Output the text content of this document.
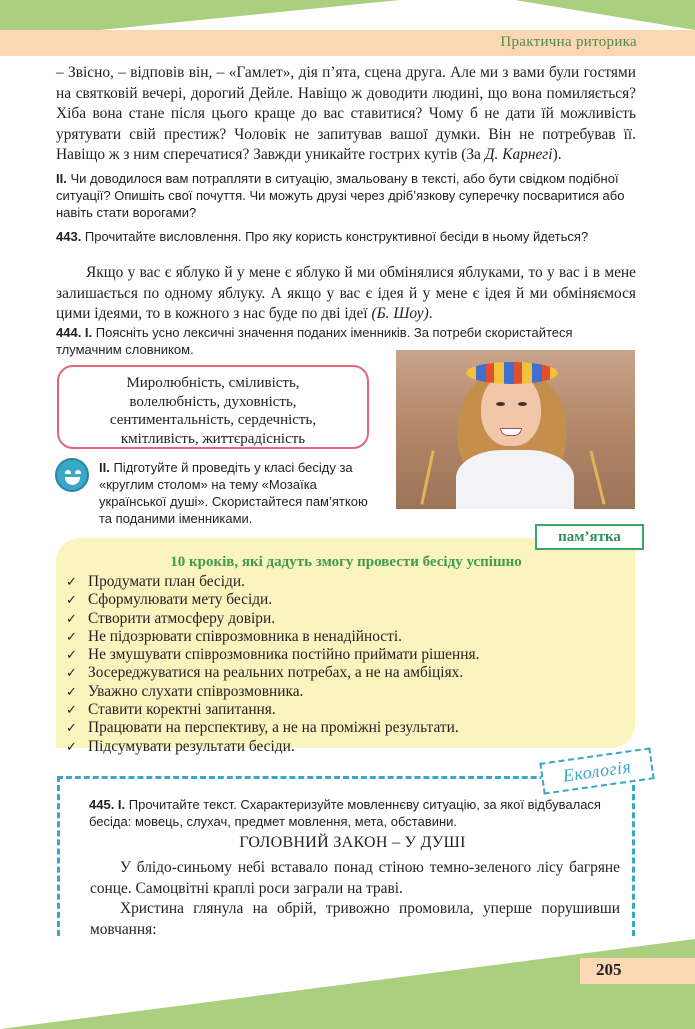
Практична риторика

– Звісно, – відповів він, – «Гамлет», дія п’ята, сцена друга. Але ми з вами були гостями на святковій вечері, дорогий Дейле. Навіщо ж доводити людині, що вона помиляється? Хіба вона стане після цього краще до вас ставитися? Чому б не дати їй можливість урятувати свій престиж? Чоловік не запитував вашої думки. Він не потребував її. Навіщо ж з ним сперечатися? Завжди уникайте гострих кутів (За Д. Карнегі).

ІІ. Чи доводилося вам потрапляти в ситуацію, змальовану в тексті, або бути свідком подібної ситуації? Опишіть свої почуття. Чи можуть друзі через дріб’язкову суперечку посваритися або навіть стати ворогами?

443. Прочитайте висловлення. Про яку користь конструктивної бесіди в ньому йдеться?

Якщо у вас є яблуко й у мене є яблуко й ми обмінялися яблуками, то у вас і в мене залишається по одному яблуку. А якщо у вас є ідея й у мене є ідея й ми обміняємося цими ідеями, то в кожного з нас буде по дві ідеї (Б. Шоу).

444. І. Поясніть усно лексичні значення поданих іменників. За потреби скористайтеся тлумачним словником.

Миролюбність, сміливість,
волелюбність, духовність,
сентиментальність, сердечність,
кмітливість, життєрадісність

ІІ. Підготуйте й проведіть у класі бесіду за «круглим столом» на тему «Мозаїка української душі». Скористайтеся пам’яткою та поданими іменниками.

10 кроків, які дадуть змогу провести бесіду успішно
✓ Продумати план бесіди.
✓ Сформулювати мету бесіди.
✓ Створити атмосферу довіри.
✓ Не підозрювати співрозмовника в ненадійності.
✓ Не змушувати співрозмовника постійно приймати рішення.
✓ Зосереджуватися на реальних потребах, а не на амбіціях.
✓ Уважно слухати співрозмовника.
✓ Ставити коректні запитання.
✓ Працювати на перспективу, а не на проміжні результати.
✓ Підсумувати результати бесіди.
пам’ятка
Екологія

445. І. Прочитайте текст. Схарактеризуйте мовленнєву ситуацію, за якої відбувалася бесіда: мовець, слухач, предмет мовлення, мета, обставини.

ГОЛОВНИЙ ЗАКОН – У ДУШІ

У блідо-синьому небі вставало понад стіною темно-зеленого лісу багряне сонце. Самоцвітні краплі роси заграли на траві.

Христина глянула на обрій, тривожно промовила, уперше порушивши мовчання:

205
